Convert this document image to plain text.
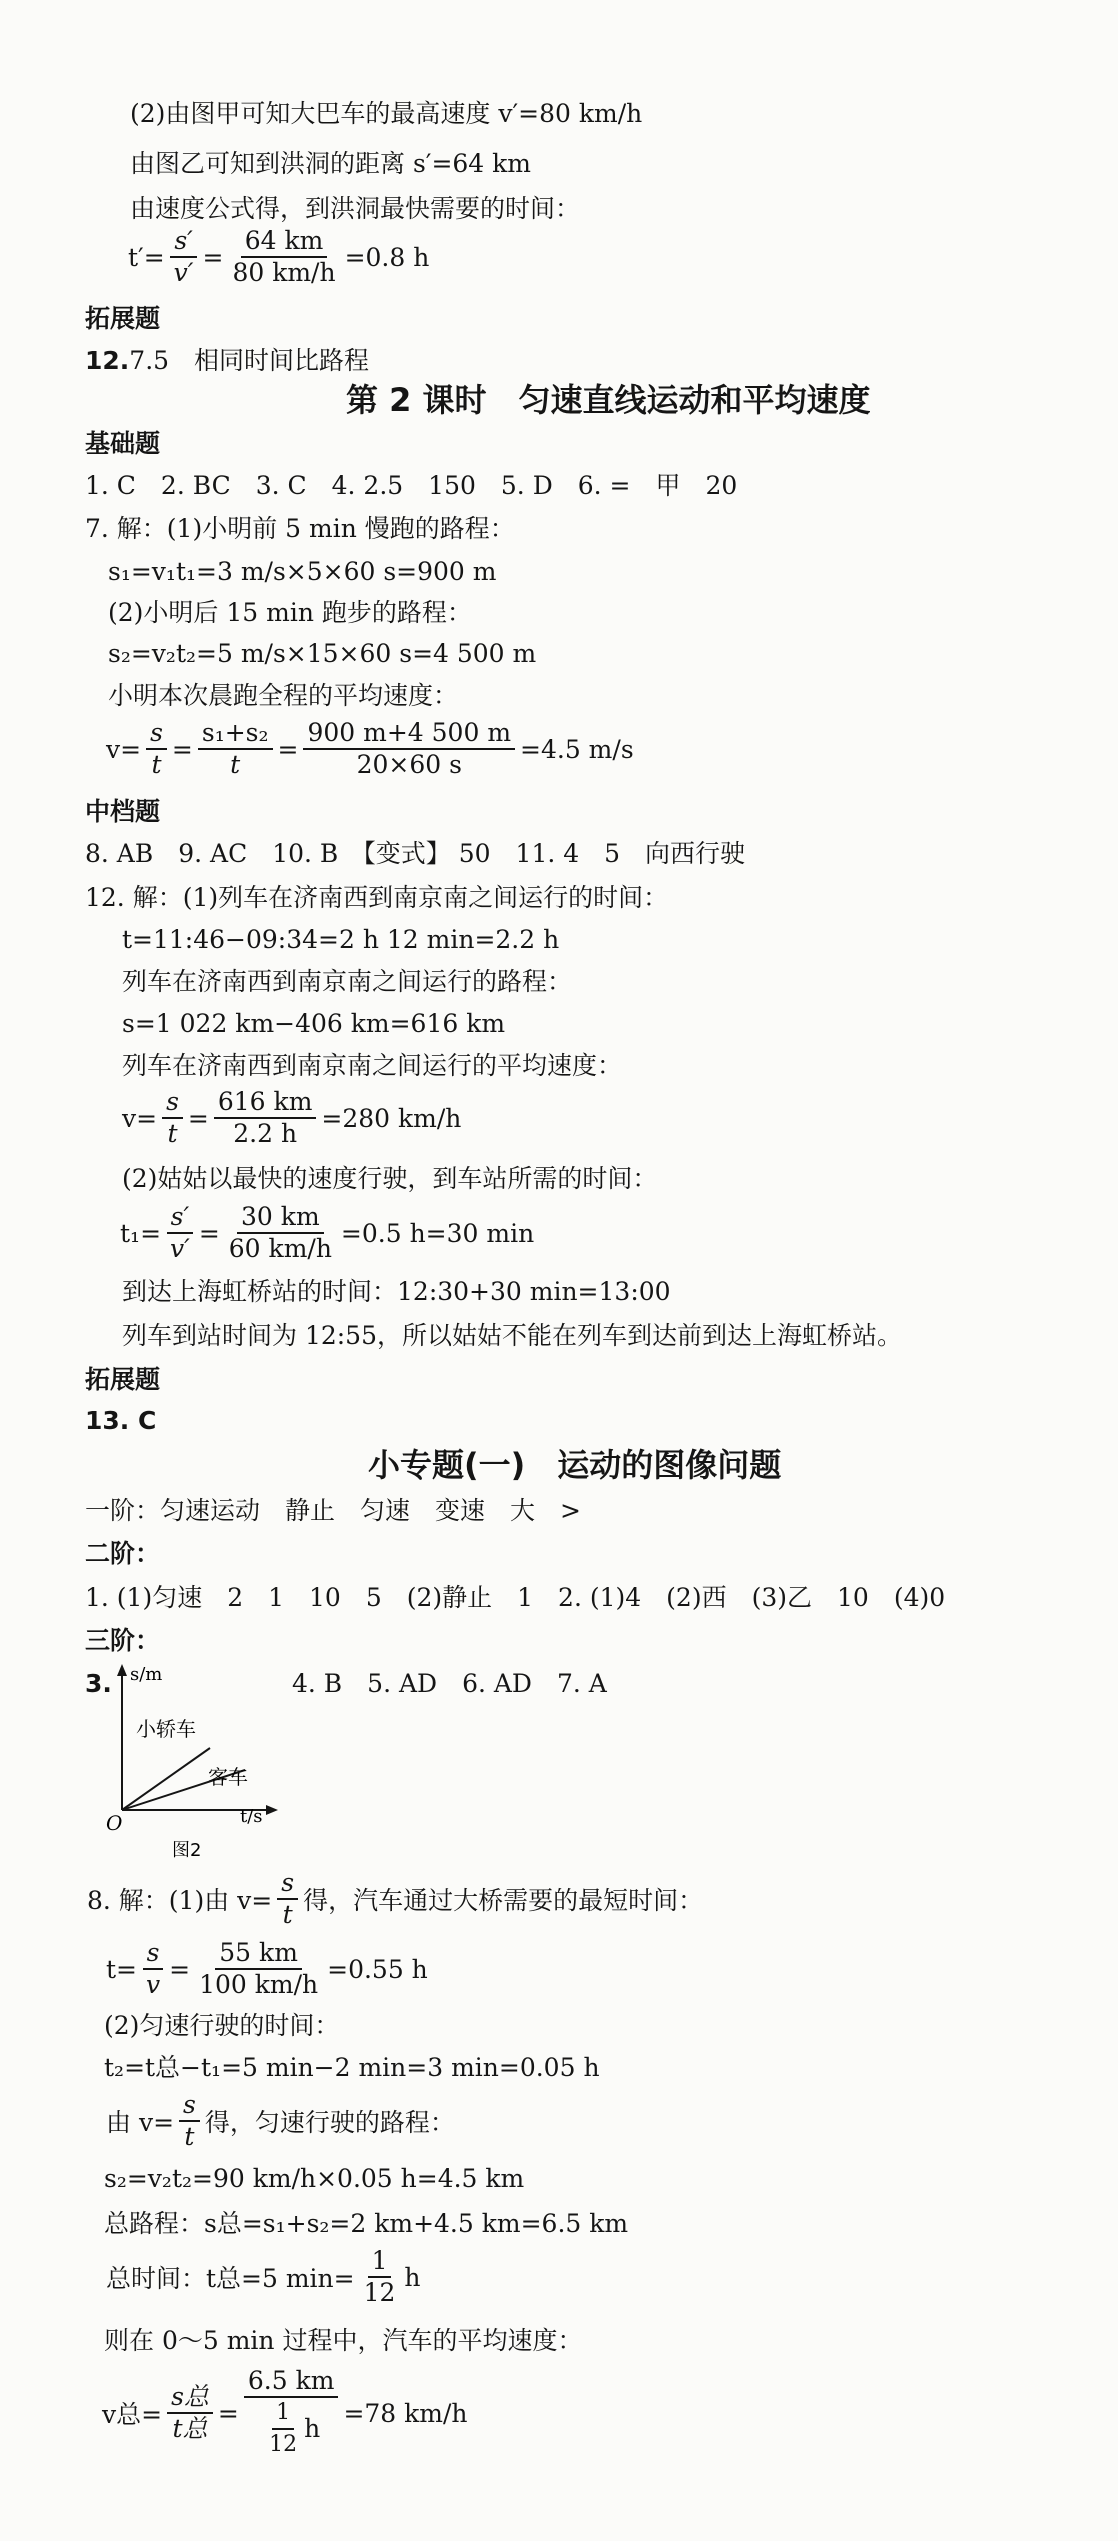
(2)由图甲可知大巴车的最高速度 v′=80 km/h
由图乙可知到洪洞的距离 s′=64 km
由速度公式得，到洪洞最快需要的时间：
$t'= \frac{s'}{v'} = \frac{64 km}{80 km/h} =0.8$ h
拓展题
12.7.5　相同时间比路程
第 2 课时　匀速直线运动和平均速度
基础题
1. C　2. BC　3. C　4. 2.5　150　5. D　6. =　甲　20
7. 解：(1)小明前 5 min 慢跑的路程：
s₁=v₁t₁=3 m/s×5×60 s=900 m
(2)小明后 15 min 跑步的路程：
s₂=v₂t₂=5 m/s×15×60 s=4 500 m
小明本次晨跑全程的平均速度：
$v= \frac{s}{t} = \frac{\text{s₁+s₂}}{t} = \frac{900 m+4 500 m}{20\times 60 s} =4.5$ m/s
中档题
8. AB　9. AC　10. B　【变式】 50　11. 4　5　向西行驶
12. 解：(1)列车在济南西到南京南之间运行的时间：
t=11:46−09:34=2 h 12 min=2.2 h
列车在济南西到南京南之间运行的路程：
s=1 022 km−406 km=616 km
列车在济南西到南京南之间运行的平均速度：
$v= \frac{s}{t} = \frac{616 km}{2.2 h} =280$ km/h
(2)姑姑以最快的速度行驶，到车站所需的时间：
$t_1= \frac{s'}{v'} = \frac{30 km}{60 km/h} =0.5$ h=30 min
到达上海虹桥站的时间：12:30+30 min=13:00
列车到站时间为 12:55，所以姑姑不能在列车到达前到达上海虹桥站。
拓展题
13. C
小专题(一)　运动的图像问题
一阶：匀速运动　静止　匀速　变速　大　>
二阶：
1. (1)匀速　2　1　10　5　(2)静止　1　2. (1)4　(2)西　(3)乙　10　(4)0
三阶：
3.	4. B　5. AD　6. AD　7. A
s/m
t/s
O
小轿车
客车
图2
8. 解：(1)由 $v= \frac{s}{t}$ 得，汽车通过大桥需要的最短时间：
$t= \frac{s}{v} = \frac{55 km}{100 km/h} =0.55$ h
(2)匀速行驶的时间：
t₂=t总−t₁=5 min−2 min=3 min=0.05 h
由 $v= \frac{s}{t}$ 得，匀速行驶的路程：
s₂=v₂t₂=90 km/h×0.05 h=4.5 km
总路程：s总=s₁+s₂=2 km+4.5 km=6.5 km
总时间：t总=5 $\min= \frac{1}{12}$ h
则在 0～5 min 过程中，汽车的平均速度：
v总= $\frac{\text{s总}}{\text{t总}} = \frac{6.5 km}{\frac{1}{12} h} =78$ km/h
